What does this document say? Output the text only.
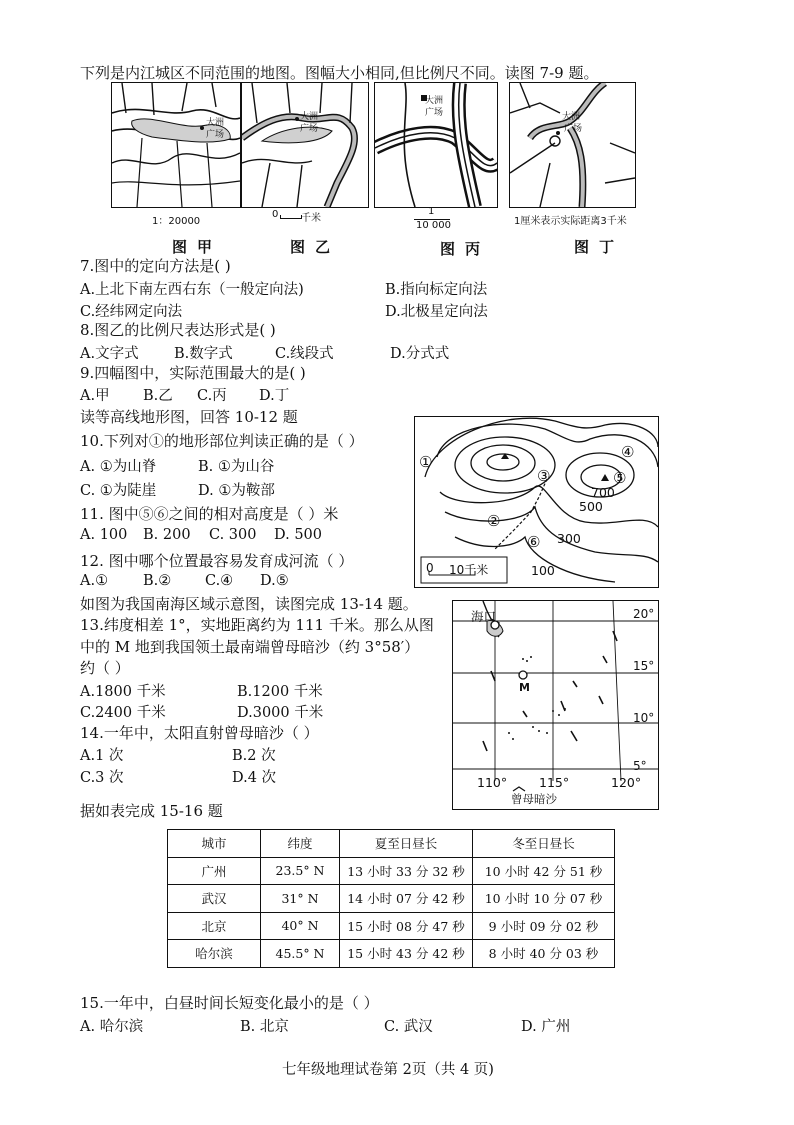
下列是内江城区不同范围的地图。图幅大小相同,但比例尺不同。读图 7-9 题。
大洲
广场
1：20000
图甲
大洲
广场
0 千米
图乙
大洲
广场
1
10 000
图丙
大洲
广场
1厘米表示实际距离3千米
图丁
7.图中的定向方法是( )
A.上北下南左西右东（一般定向法)	B.指向标定向法
C.经纬网定向法	D.北极星定向法
8.图乙的比例尺表达形式是( )
A.文字式 B.数字式	C.线段式	D.分式式
9.四幅图中，实际范围最大的是( )
A.甲 B.乙 C.丙 D.丁
读等高线地形图，回答 10-12 题
10.下列对①的地形部位判读正确的是（ ）
A. ①为山脊	B. ①为山谷
C. ①为陡崖	D. ①为鞍部
11. 图中⑤⑥之间的相对高度是（ ）米
A. 100 B. 200 C. 300 D. 500
12. 图中哪个位置最容易发育成河流（ ）
A.① B.② C.④ D.⑤
①
②
③
④
⑤
⑥
700
500
300
100
0 10千米
如图为我国南海区域示意图，读图完成 13-14 题。
13.纬度相差 1°，实地距离约为 111 千米。那么从图
中的 M 地到我国领土最南端曾母暗沙（约 3°58′）
约（ ）
A.1800 千米	B.1200 千米
C.2400 千米	D.3000 千米
14.一年中，太阳直射曾母暗沙（ ）
A.1 次	B.2 次
C.3 次	D.4 次
海口
M
20°
15°
10°
5°
110°	115°	120°
曾母暗沙
据如表完成 15-16 题
城市	纬度	夏至日昼长	冬至日昼长
广州	23.5° N	13 小时 33 分 32 秒	10 小时 42 分 51 秒
武汉	31° N	14 小时 07 分 42 秒	10 小时 10 分 07 秒
北京	40° N	15 小时 08 分 47 秒	9 小时 09 分 02 秒
哈尔滨	45.5° N	15 小时 43 分 42 秒	8 小时 40 分 03 秒
15.一年中，白昼时间长短变化最小的是（ ）
A. 哈尔滨	B. 北京	C. 武汉	D. 广州
七年级地理试卷第 2页（共 4 页)
